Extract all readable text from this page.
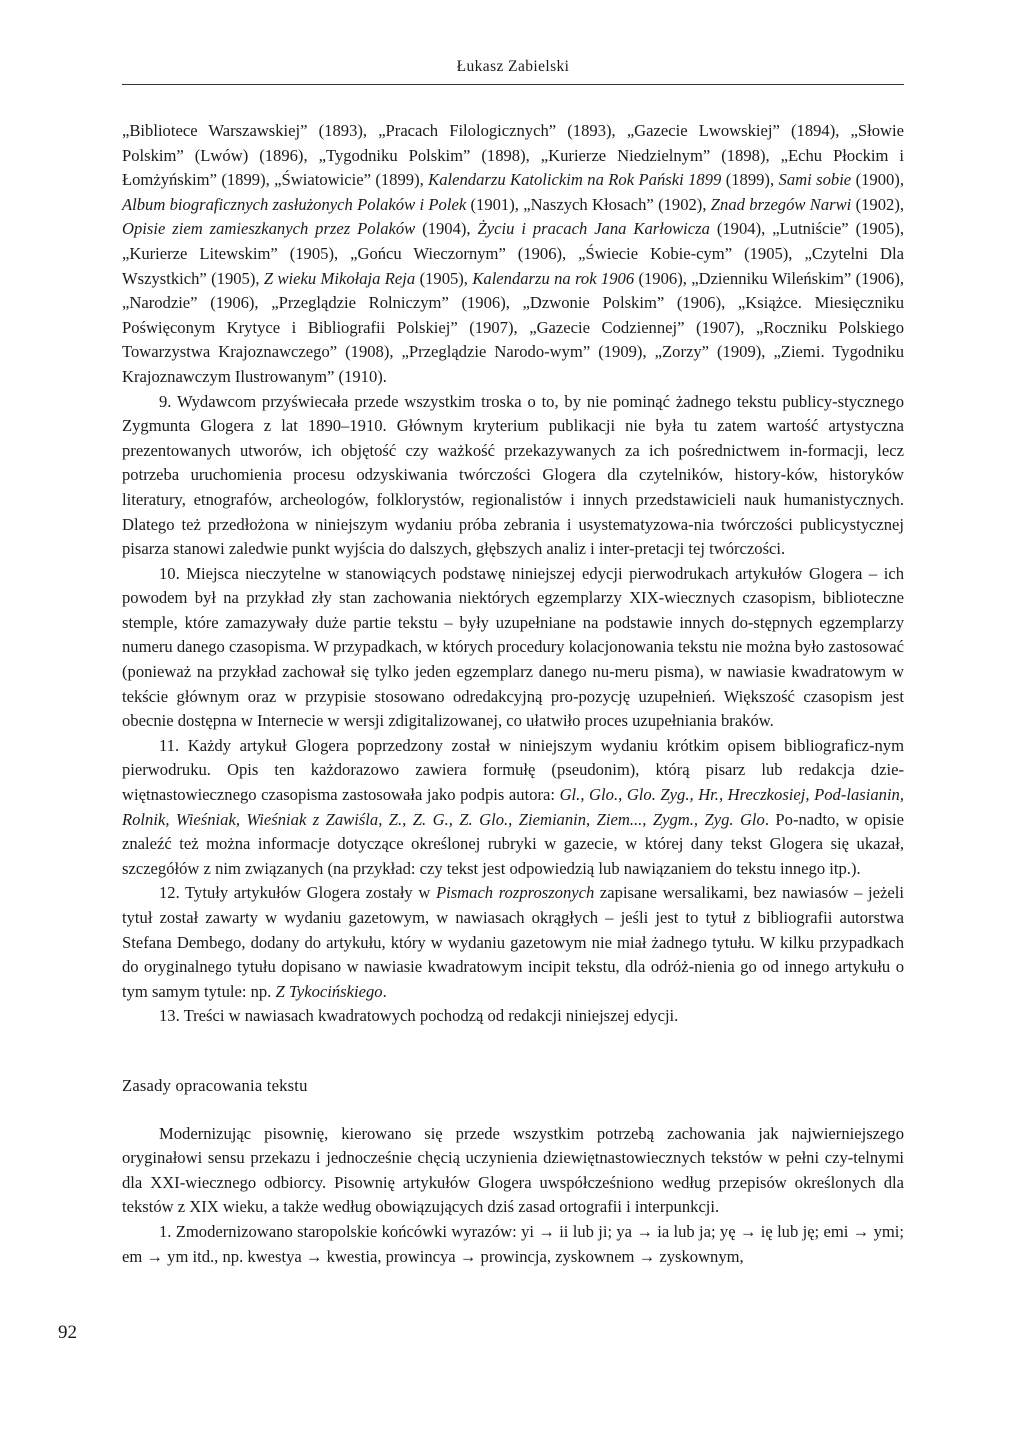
Łukasz Zabielski

„Bibliotece Warszawskiej” (1893), „Pracach Filologicznych” (1893), „Gazecie Lwowskiej” (1894), „Słowie Polskim” (Lwów) (1896), „Tygodniku Polskim” (1898), „Kurierze Niedzielnym” (1898), „Echu Płockim i Łomżyńskim” (1899), „Światowicie” (1899), Kalendarzu Katolickim na Rok Pański 1899 (1899), Sami sobie (1900), Album biograficznych zasłużonych Polaków i Polek (1901), „Naszych Kłosach” (1902), Znad brzegów Narwi (1902), Opisie ziem zamieszkanych przez Polaków (1904), Życiu i pracach Jana Karłowicza (1904), „Lutniście” (1905), „Kurierze Litewskim” (1905), „Gońcu Wieczornym” (1906), „Świecie Kobie-cym” (1905), „Czytelni Dla Wszystkich” (1905), Z wieku Mikołaja Reja (1905), Kalendarzu na rok 1906 (1906), „Dzienniku Wileńskim” (1906), „Narodzie” (1906), „Przeglądzie Rolniczym” (1906), „Dzwonie Polskim” (1906), „Książce. Miesięczniku Poświęconym Krytyce i Bibliografii Polskiej” (1907), „Gazecie Codziennej” (1907), „Roczniku Polskiego Towarzystwa Krajoznawczego” (1908), „Przeglądzie Narodo-wym” (1909), „Zorzy” (1909), „Ziemi. Tygodniku Krajoznawczym Ilustrowanym” (1910).

9. Wydawcom przyświecała przede wszystkim troska o to, by nie pominąć żadnego tekstu publicy-stycznego Zygmunta Glogera z lat 1890–1910. Głównym kryterium publikacji nie była tu zatem wartość artystyczna prezentowanych utworów, ich objętość czy ważkość przekazywanych za ich pośrednictwem in-formacji, lecz potrzeba uruchomienia procesu odzyskiwania twórczości Glogera dla czytelników, history-ków, historyków literatury, etnografów, archeologów, folklorystów, regionalistów i innych przedstawicieli nauk humanistycznych. Dlatego też przedłożona w niniejszym wydaniu próba zebrania i usystematyzowa-nia twórczości publicystycznej pisarza stanowi zaledwie punkt wyjścia do dalszych, głębszych analiz i inter-pretacji tej twórczości.

10. Miejsca nieczytelne w stanowiących podstawę niniejszej edycji pierwodrukach artykułów Glogera – ich powodem był na przykład zły stan zachowania niektórych egzemplarzy XIX-wiecznych czasopism, biblioteczne stemple, które zamazywały duże partie tekstu – były uzupełniane na podstawie innych do-stępnych egzemplarzy numeru danego czasopisma. W przypadkach, w których procedury kolacjonowania tekstu nie można było zastosować (ponieważ na przykład zachował się tylko jeden egzemplarz danego nu-meru pisma), w nawiasie kwadratowym w tekście głównym oraz w przypisie stosowano odredakcyjną pro-pozycję uzupełnień. Większość czasopism jest obecnie dostępna w Internecie w wersji zdigitalizowanej, co ułatwiło proces uzupełniania braków.

11. Każdy artykuł Glogera poprzedzony został w niniejszym wydaniu krótkim opisem bibliograficz-nym pierwodruku. Opis ten każdorazowo zawiera formułę (pseudonim), którą pisarz lub redakcja dzie-więtnastowiecznego czasopisma zastosowała jako podpis autora: Gl., Glo., Glo. Zyg., Hr., Hreczkosiej, Pod-lasianin, Rolnik, Wieśniak, Wieśniak z Zawiśla, Z., Z. G., Z. Glo., Ziemianin, Ziem..., Zygm., Zyg. Glo. Po-nadto, w opisie znaleźć też można informacje dotyczące określonej rubryki w gazecie, w której dany tekst Glogera się ukazał, szczegółów z nim związanych (na przykład: czy tekst jest odpowiedzią lub nawiązaniem do tekstu innego itp.).

12. Tytuły artykułów Glogera zostały w Pismach rozproszonych zapisane wersalikami, bez nawiasów – jeżeli tytuł został zawarty w wydaniu gazetowym, w nawiasach okrągłych – jeśli jest to tytuł z bibliografii autorstwa Stefana Dembego, dodany do artykułu, który w wydaniu gazetowym nie miał żadnego tytułu. W kilku przypadkach do oryginalnego tytułu dopisano w nawiasie kwadratowym incipit tekstu, dla odróż-nienia go od innego artykułu o tym samym tytule: np. Z Tykocińskiego.

13. Treści w nawiasach kwadratowych pochodzą od redakcji niniejszej edycji.

Zasady opracowania tekstu

Modernizując pisownię, kierowano się przede wszystkim potrzebą zachowania jak najwierniejszego oryginałowi sensu przekazu i jednocześnie chęcią uczynienia dziewiętnastowiecznych tekstów w pełni czy-telnymi dla XXI-wiecznego odbiorcy. Pisownię artykułów Glogera uwspółcześniono według przepisów określonych dla tekstów z XIX wieku, a także według obowiązujących dziś zasad ortografii i interpunkcji.

1. Zmodernizowano staropolskie końcówki wyrazów: yi → ii lub ji; ya → ia lub ja; yę → ię lub ję; emi → ymi; em → ym itd., np. kwestya → kwestia, prowincya → prowincja, zyskownem → zyskownym,

92
